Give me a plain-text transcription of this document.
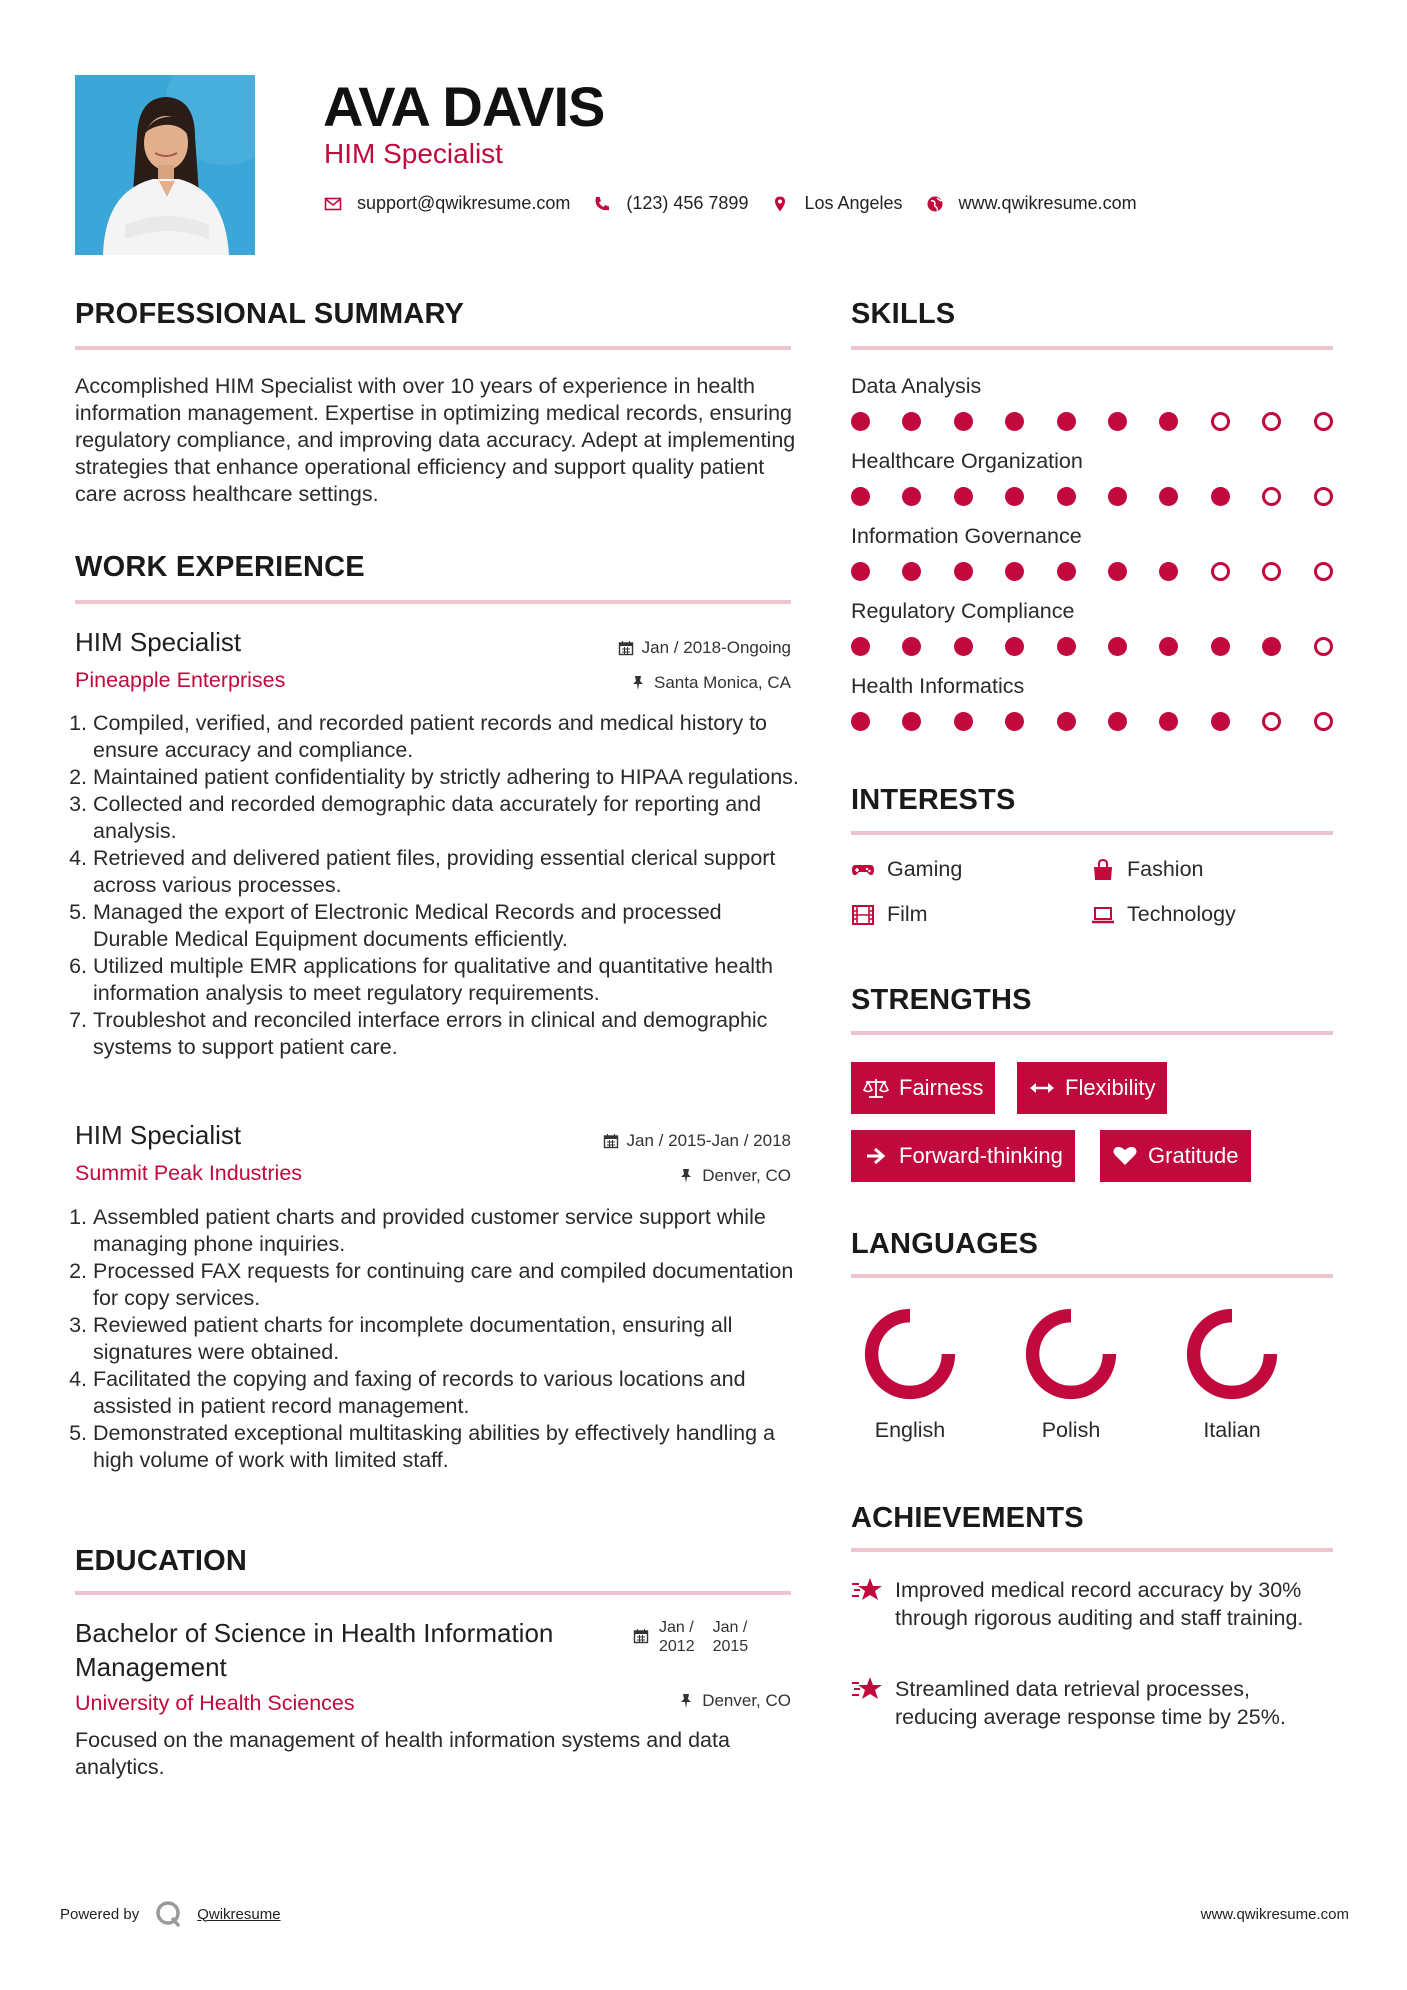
AVA DAVIS
HIM Specialist
support@qwikresume.com	(123) 456 7899	Los Angeles	www.qwikresume.com
PROFESSIONAL SUMMARY
Accomplished HIM Specialist with over 10 years of experience in health information management. Expertise in optimizing medical records, ensuring regulatory compliance, and improving data accuracy. Adept at implementing strategies that enhance operational efficiency and support quality patient care across healthcare settings.
WORK EXPERIENCE
HIM Specialist	Jan / 2018-Ongoing
Pineapple Enterprises	Santa Monica, CA
1. Compiled, verified, and recorded patient records and medical history to ensure accuracy and compliance.
2. Maintained patient confidentiality by strictly adhering to HIPAA regulations.
3. Collected and recorded demographic data accurately for reporting and analysis.
4. Retrieved and delivered patient files, providing essential clerical support across various processes.
5. Managed the export of Electronic Medical Records and processed Durable Medical Equipment documents efficiently.
6. Utilized multiple EMR applications for qualitative and quantitative health information analysis to meet regulatory requirements.
7. Troubleshot and reconciled interface errors in clinical and demographic systems to support patient care.
HIM Specialist	Jan / 2015-Jan / 2018
Summit Peak Industries	Denver, CO
1. Assembled patient charts and provided customer service support while managing phone inquiries.
2. Processed FAX requests for continuing care and compiled documentation for copy services.
3. Reviewed patient charts for incomplete documentation, ensuring all signatures were obtained.
4. Facilitated the copying and faxing of records to various locations and assisted in patient record management.
5. Demonstrated exceptional multitasking abilities by effectively handling a high volume of work with limited staff.
EDUCATION
Bachelor of Science in Health Information Management
Jan /
2012
Jan /
2015
University of Health Sciences	Denver, CO
Focused on the management of health information systems and data analytics.
SKILLS
Data Analysis
Healthcare Organization
Information Governance
Regulatory Compliance
Health Informatics
INTERESTS
Gaming	Fashion
Film	Technology
STRENGTHS
Fairness	Flexibility
Forward-thinking	Gratitude
LANGUAGES
English	Polish	Italian
ACHIEVEMENTS
Improved medical record accuracy by 30% through rigorous auditing and staff training.
Streamlined data retrieval processes, reducing average response time by 25%.
Powered by	Qwikresume	www.qwikresume.com
